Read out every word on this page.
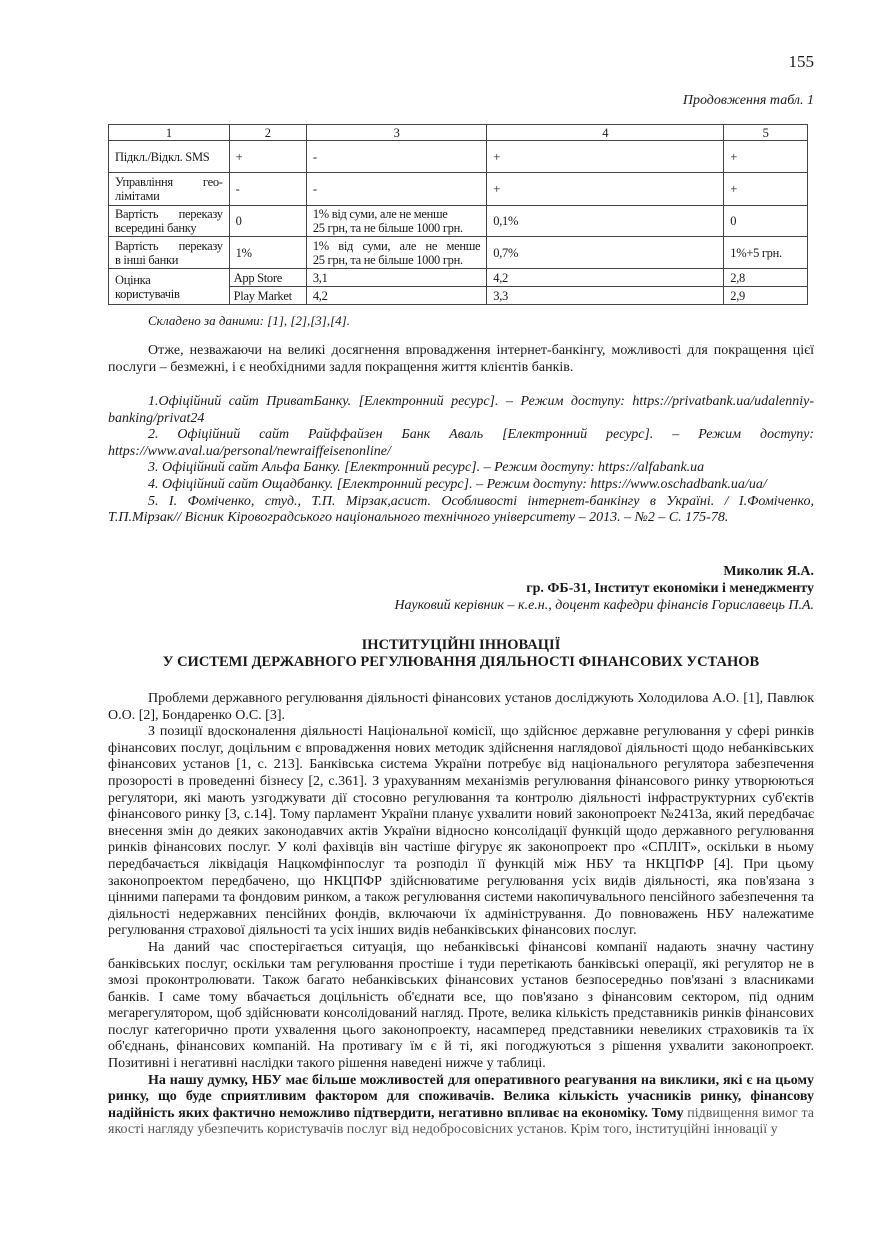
155
Продовження табл. 1
1	2	3	4	5
Підкл./Відкл. SMS	+	-	+	+

Управління гео-
лімітами	-	-	+	+

Вартість переказу
всередині банку	0	1% від суми, але не менше
25 грн, та не більше 1000 грн.	0,1%	0

Вартість переказу
в інші банки	1%	1% від суми, але не менше
25 грн, та не більше 1000 грн.	0,7%	1%+5 грн.

Оцінка
користувачів	App Store	3,1	4,2	2,8
	Play Market	4,2	3,3	2,9
Складено за даними: [1], [2],[3],[4].

Отже, незважаючи на великі досягнення впровадження інтернет-банкінгу, можливості для покращення цієї послуги – безмежні, і є необхідними задля покращення життя клієнтів банків.

1.Офіційний сайт ПриватБанку. [Електронний ресурс]. – Режим доступу: https://privatbank.ua/udalenniy-banking/privat24

2. Офіційний сайт Райффайзен Банк Аваль [Електронний ресурс]. – Режим доступу: https://www.aval.ua/personal/newraiffeisenonline/

3. Офіційний сайт Альфа Банку. [Електронний ресурс]. – Режим доступу: https://alfabank.ua

4. Офіційний сайт Ощадбанку. [Електронний ресурс]. – Режим доступу: https://www.oschadbank.ua/ua/

5. І. Фоміченко, студ., Т.П. Мірзак,асист. Особливості інтернет-банкінгу в Україні. / І.Фоміченко, Т.П.Мірзак// Вісник Кіровоградського національного технічного університету – 2013. – №2 – С. 175-78.

Миколик Я.А.
гр. ФБ-31, Інститут економіки і менеджменту
Науковий керівник – к.е.н., доцент кафедри фінансів Гориславець П.А.
ІНСТИТУЦІЙНІ ІННОВАЦІЇ
У СИСТЕМІ ДЕРЖАВНОГО РЕГУЛЮВАННЯ ДІЯЛЬНОСТІ ФІНАНСОВИХ УСТАНОВ

Проблеми державного регулювання діяльності фінансових установ досліджують Холодилова А.О. [1], Павлюк О.О. [2], Бондаренко О.С. [3].

З позиції вдосконалення діяльності Національної комісії, що здійснює державне регулювання у сфері ринків фінансових послуг, доцільним є впровадження нових методик здійснення наглядової діяльності щодо небанківських фінансових установ [1, с. 213]. Банківська система України потребує від національного регулятора забезпечення прозорості в проведенні бізнесу [2, с.361]. З урахуванням механізмів регулювання фінансового ринку утворюються регулятори, які мають узгоджувати дії стосовно регулювання та контролю діяльності інфраструктурних суб'єктів фінансового ринку [3, с.14]. Тому парламент України планує ухвалити новий законопроект №2413а, який передбачає внесення змін до деяких законодавчих актів України відносно консолідації функцій щодо державного регулювання ринків фінансових послуг. У колі фахівців він частіше фігурує як законопроект про «СПЛІТ», оскільки в ньому передбачається ліквідація Нацкомфінпослуг та розподіл її функцій між НБУ та НКЦПФР [4]. При цьому законопроектом передбачено, що НКЦПФР здійснюватиме регулювання усіх видів діяльності, яка пов'язана з цінними паперами та фондовим ринком, а також регулювання системи накопичувального пенсійного забезпечення та діяльності недержавних пенсійних фондів, включаючи їх адміністрування. До повноважень НБУ належатиме регулювання страхової діяльності та усіх інших видів небанківських фінансових послуг.

На даний час спостерігається ситуація, що небанківські фінансові компанії надають значну частину банківських послуг, оскільки там регулювання простіше і туди перетікають банківські операції, які регулятор не в змозі проконтролювати. Також багато небанківських фінансових установ безпосередньо пов'язані з власниками банків. І саме тому вбачається доцільність об'єднати все, що пов'язано з фінансовим сектором, під одним мегарегулятором, щоб здійснювати консолідований нагляд. Проте, велика кількість представників ринків фінансових послуг категорично проти ухвалення цього законопроекту, насамперед представники невеликих страховиків та їх об'єднань, фінансових компаній. На противагу їм є й ті, які погоджуються з рішення ухвалити законопроект. Позитивні і негативні наслідки такого рішення наведені нижче у таблиці.

На нашу думку, НБУ має більше можливостей для оперативного реагування на виклики, які є на цьому ринку, що буде сприятливим фактором для споживачів. Велика кількість учасників ринку, фінансову надійність яких фактично неможливо підтвердити, негативно впливає на економіку. Тому підвищення вимог та якості нагляду убезпечить користувачів послуг від недобросовісних установ. Крім того, інституційні інновації у
